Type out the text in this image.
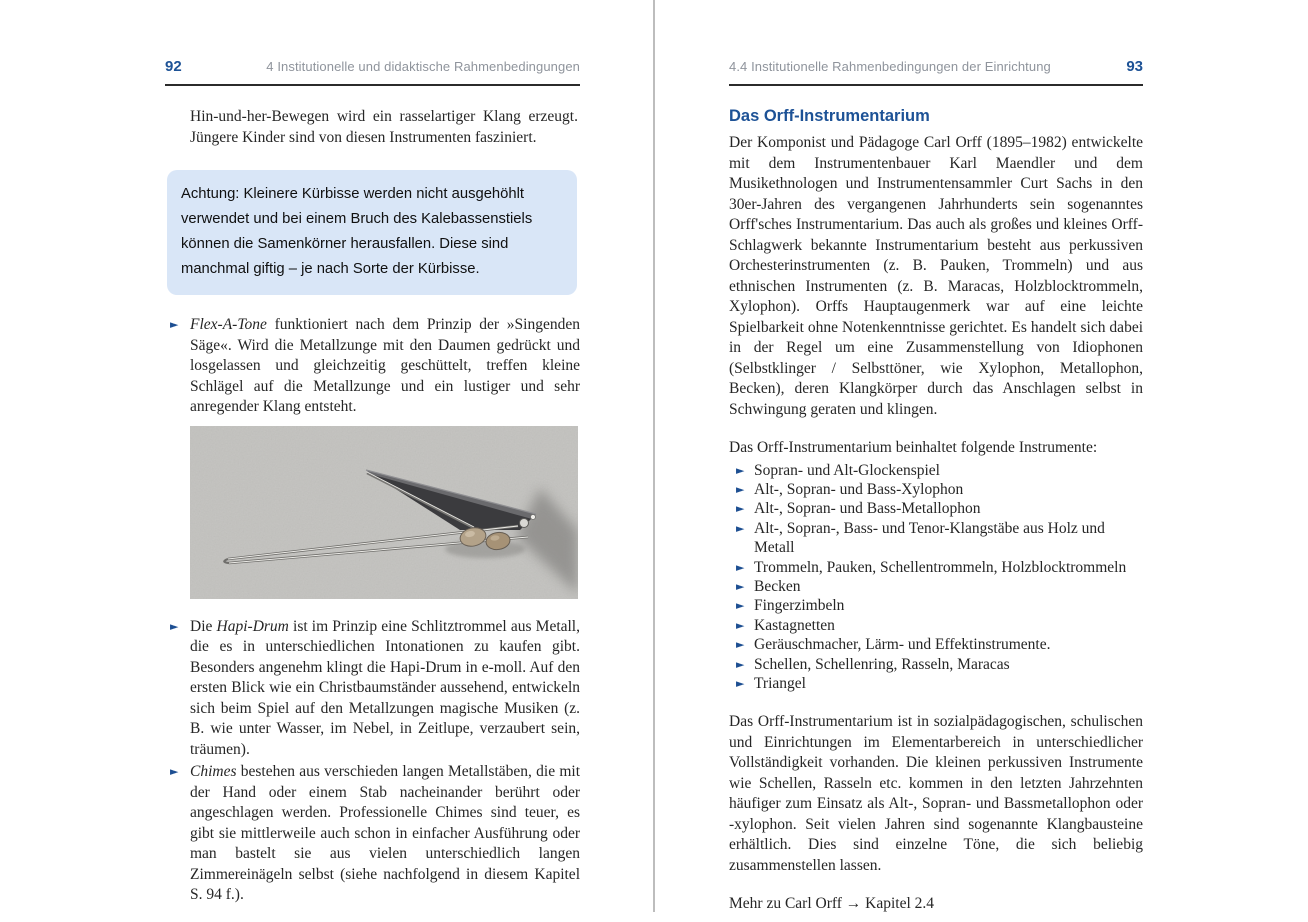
92	4 Institutionelle und didaktische Rahmenbedingungen

Hin-und-her-Bewegen wird ein rasselartiger Klang erzeugt. Jüngere Kinder sind von diesen Instrumenten fasziniert.

Achtung: Kleinere Kürbisse werden nicht ausgehöhlt verwendet und bei einem Bruch des Kalebassenstiels können die Samenkörner herausfallen. Diese sind manchmal giftig – je nach Sorte der Kürbisse.
► Flex-A-Tone funktioniert nach dem Prinzip der »Singenden Säge«. Wird die Metallzunge mit den Daumen gedrückt und losgelassen und gleichzeitig geschüttelt, treffen kleine Schlägel auf die Metallzunge und ein lustiger und sehr anregender Klang entsteht.
► Die Hapi-Drum ist im Prinzip eine Schlitztrommel aus Metall, die es in unterschiedlichen Intonationen zu kaufen gibt. Besonders angenehm klingt die Hapi-Drum in e-moll. Auf den ersten Blick wie ein Christbaumständer aussehend, entwickeln sich beim Spiel auf den Metallzungen magische Musiken (z. B. wie unter Wasser, im Nebel, in Zeitlupe, verzaubert sein, träumen).
► Chimes bestehen aus verschieden langen Metallstäben, die mit der Hand oder einem Stab nacheinander berührt oder angeschlagen werden. Professionelle Chimes sind teuer, es gibt sie mittlerweile auch schon in einfacher Ausführung oder man bastelt sie aus vielen unterschiedlich langen Zimmereinägeln selbst (siehe nachfolgend in diesem Kapitel S. 94 f.).
4.4 Institutionelle Rahmenbedingungen der Einrichtung	93
Das Orff-Instrumentarium

Der Komponist und Pädagoge Carl Orff (1895–1982) entwickelte mit dem Instrumentenbauer Karl Maendler und dem Musikethnologen und Instrumentensammler Curt Sachs in den 30er-Jahren des vergangenen Jahrhunderts sein sogenanntes Orff'sches Instrumentarium. Das auch als großes und kleines Orff-Schlagwerk bekannte Instrumentarium besteht aus perkussiven Orchesterinstrumenten (z. B. Pauken, Trommeln) und aus ethnischen Instrumenten (z. B. Maracas, Holzblocktrommeln, Xylophon). Orffs Hauptaugenmerk war auf eine leichte Spielbarkeit ohne Notenkenntnisse gerichtet. Es handelt sich dabei in der Regel um eine Zusammenstellung von Idiophonen (Selbstklinger / Selbsttöner, wie Xylophon, Metallophon, Becken), deren Klangkörper durch das Anschlagen selbst in Schwingung geraten und klingen.

Das Orff-Instrumentarium beinhaltet folgende Instrumente:

► Sopran- und Alt-Glockenspiel
► Alt-, Sopran- und Bass-Xylophon
► Alt-, Sopran- und Bass-Metallophon
► Alt-, Sopran-, Bass- und Tenor-Klangstäbe aus Holz und Metall
► Trommeln, Pauken, Schellentrommeln, Holzblocktrommeln
► Becken
► Fingerzimbeln
► Kastagnetten
► Geräuschmacher, Lärm- und Effektinstrumente.
► Schellen, Schellenring, Rasseln, Maracas
► Triangel

Das Orff-Instrumentarium ist in sozialpädagogischen, schulischen und Einrichtungen im Elementarbereich in unterschiedlicher Vollständigkeit vorhanden. Die kleinen perkussiven Instrumente wie Schellen, Rasseln etc. kommen in den letzten Jahrzehnten häufiger zum Einsatz als Alt-, Sopran- und Bassmetallophon oder -xylophon. Seit vielen Jahren sind sogenannte Klangbausteine erhältlich. Dies sind einzelne Töne, die sich beliebig zusammenstellen lassen.

Mehr zu Carl Orff → Kapitel 2.4
